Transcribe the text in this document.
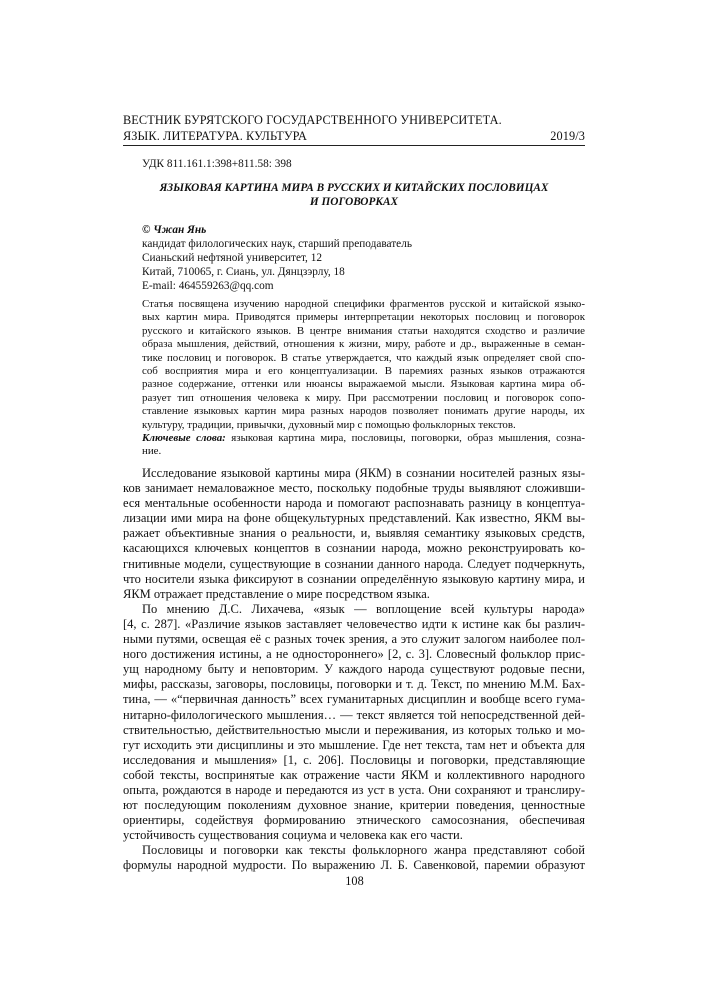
ВЕСТНИК БУРЯТСКОГО ГОСУДАРСТВЕННОГО УНИВЕРСИТЕТА.
ЯЗЫК. ЛИТЕРАТУРА. КУЛЬТУРА	2019/3
УДК 811.161.1:398+811.58: 398
ЯЗЫКОВАЯ КАРТИНА МИРА В РУССКИХ И КИТАЙСКИХ ПОСЛОВИЦАХ
И ПОГОВОРКАХ
© Чжан Янь
кандидат филологических наук, старший преподаватель
Сианьский нефтяной университет, 12
Китай, 710065, г. Сиань, ул. Дянцзэрлу, 18
E-mail: 464559263@qq.com
Статья посвящена изучению народной специфики фрагментов русской и китайской языко-
вых картин мира. Приводятся примеры интерпретации некоторых пословиц и поговорок
русского и китайского языков. В центре внимания статьи находятся сходство и различие
образа мышления, действий, отношения к жизни, миру, работе и др., выраженные в семан-
тике пословиц и поговорок. В статье утверждается, что каждый язык определяет свой спо-
соб восприятия мира и его концептуализации. В паремиях разных языков отражаются
разное содержание, оттенки или нюансы выражаемой мысли. Языковая картина мира об-
разует тип отношения человека к миру. При рассмотрении пословиц и поговорок сопо-
ставление языковых картин мира разных народов позволяет понимать другие народы, их
культуру, традиции, привычки, духовный мир с помощью фольклорных текстов.
Ключевые слова: языковая картина мира, пословицы, поговорки, образ мышления, созна-
ние.
Исследование языковой картины мира (ЯКМ) в сознании носителей разных язы-
ков занимает немаловажное место, поскольку подобные труды выявляют сложивши-
еся ментальные особенности народа и помогают распознавать разницу в концептуа-
лизации ими мира на фоне общекультурных представлений. Как известно, ЯКМ вы-
ражает объективные знания о реальности, и, выявляя семантику языковых средств,
касающихся ключевых концептов в сознании народа, можно реконструировать ко-
гнитивные модели, существующие в сознании данного народа. Следует подчеркнуть,
что носители языка фиксируют в сознании определённую языковую картину мира, и
ЯКМ отражает представление о мире посредством языка.
По мнению Д.С. Лихачева, «язык — воплощение всей культуры народа»
[4, с. 287]. «Различие языков заставляет человечество идти к истине как бы различ-
ными путями, освещая её с разных точек зрения, а это служит залогом наиболее пол-
ного достижения истины, а не одностороннего» [2, с. 3]. Словесный фольклор прис-
ущ народному быту и неповторим. У каждого народа существуют родовые песни,
мифы, рассказы, заговоры, пословицы, поговорки и т. д. Текст, по мнению М.М. Бах-
тина, — «“первичная данность” всех гуманитарных дисциплин и вообще всего гума-
нитарно-филологического мышления… — текст является той непосредственной дей-
ствительностью, действительностью мысли и переживания, из которых только и мо-
гут исходить эти дисциплины и это мышление. Где нет текста, там нет и объекта для
исследования и мышления» [1, с. 206]. Пословицы и поговорки, представляющие
собой тексты, воспринятые как отражение части ЯКМ и коллективного народного
опыта, рождаются в народе и передаются из уст в уста. Они сохраняют и транслиру-
ют последующим поколениям духовное знание, критерии поведения, ценностные
ориентиры, содействуя формированию этнического самосознания, обеспечивая
устойчивость существования социума и человека как его части.
Пословицы и поговорки как тексты фольклорного жанра представляют собой
формулы народной мудрости. По выражению Л. Б. Савенковой, паремии образуют
108
